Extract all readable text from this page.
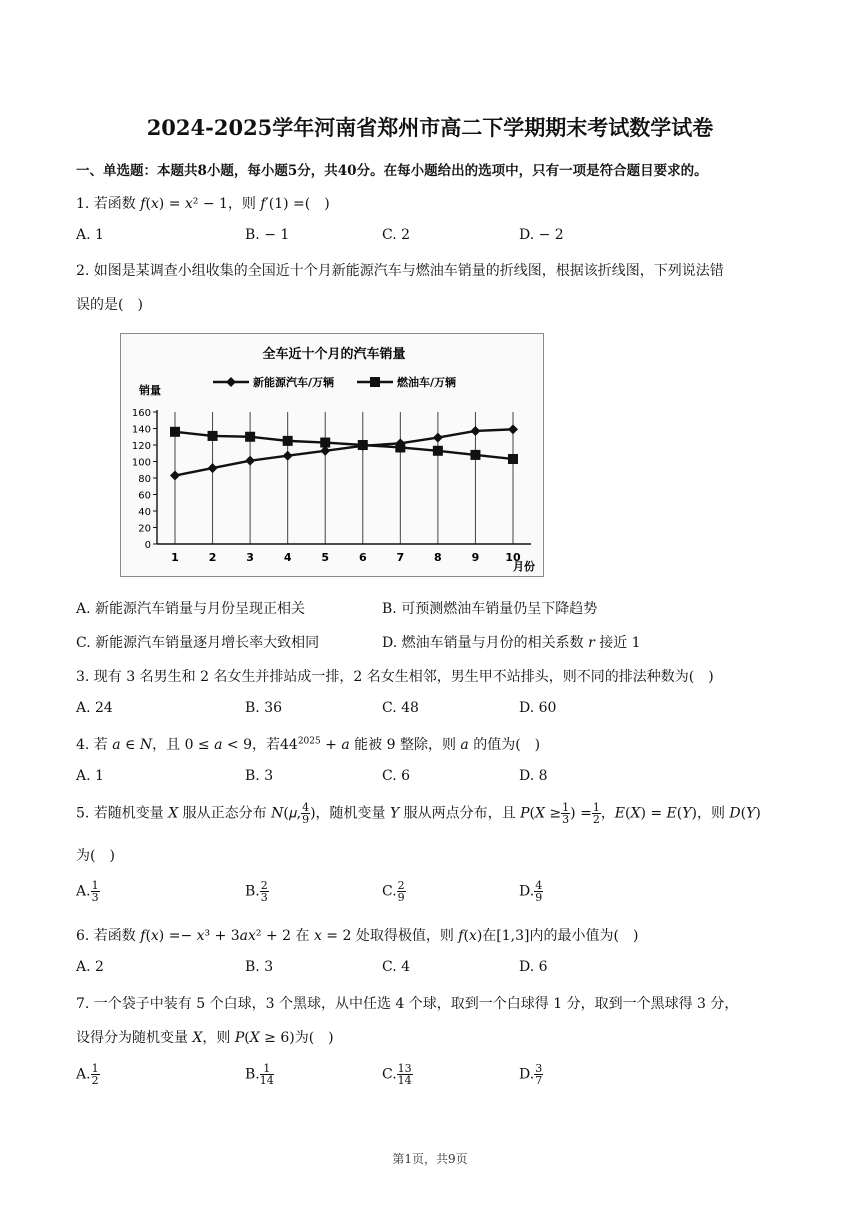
2024-2025学年河南省郑州市高二下学期期末考试数学试卷
一、单选题：本题共8小题，每小题5分，共40分。在每小题给出的选项中，只有一项是符合题目要求的。
1. 若函数 𝑓(𝑥) = 𝑥² − 1，则 𝑓′(1) =(　)
A. 1	B. − 1	C. 2	D. − 2
2. 如图是某调查小组收集的全国近十个月新能源汽车与燃油车销量的折线图，根据该折线图，下列说法错
误的是(　)
全车近十个月的汽车销量
新能源汽车/万辆	燃油车/万辆
销量
月份
0
20
40
60
80
100
120
140
160
1	2	3	4	5	6	7	8	9 10
A. 新能源汽车销量与月份呈现正相关	B. 可预测燃油车销量仍呈下降趋势
C. 新能源汽车销量逐月增长率大致相同	D. 燃油车销量与月份的相关系数 𝑟 接近 1
3. 现有 3 名男生和 2 名女生并排站成一排，2 名女生相邻，男生甲不站排头，则不同的排法种数为(　)
A. 24	B. 36	C. 48	D. 60
4. 若 𝑎 ∈ 𝑁，且 0 ≤ 𝑎 < 9，若$44^{2025}$ + 𝑎 能被 9 整除，则 𝑎 的值为(　)
A. 1	B. 3	C. 6	D. 8
5. 若随机变量 𝑋 服从正态分布 𝑁(𝜇, $\frac{4}{9}$ )，随机变量 𝑌 服从两点分布，且 𝑃(𝑋 ≥ $\frac{1}{3}$ ) = $\frac{1}{2}$ ，𝐸(𝑋) = 𝐸(𝑌)，则 𝐷(𝑌)
为(　)
A. $\frac{1}{3}$	B. $\frac{2}{3}$	C. $\frac{2}{9}$	D. $\frac{4}{9}$
6. 若函数 𝑓(𝑥) =− 𝑥³ + 3𝑎𝑥² + 2 在 𝑥 = 2 处取得极值，则 𝑓(𝑥)在[1,3]内的最小值为(　)
A. 2	B. 3	C. 4	D. 6
7. 一个袋子中装有 5 个白球，3 个黑球，从中任选 4 个球，取到一个白球得 1 分，取到一个黑球得 3 分，
设得分为随机变量 𝑋，则 𝑃(𝑋 ≥ 6)为(　)
A. $\frac{1}{2}$	B. $\frac{1}{14}$	C. $\frac{13}{14}$	D. $\frac{3}{7}$
第1页，共9页
